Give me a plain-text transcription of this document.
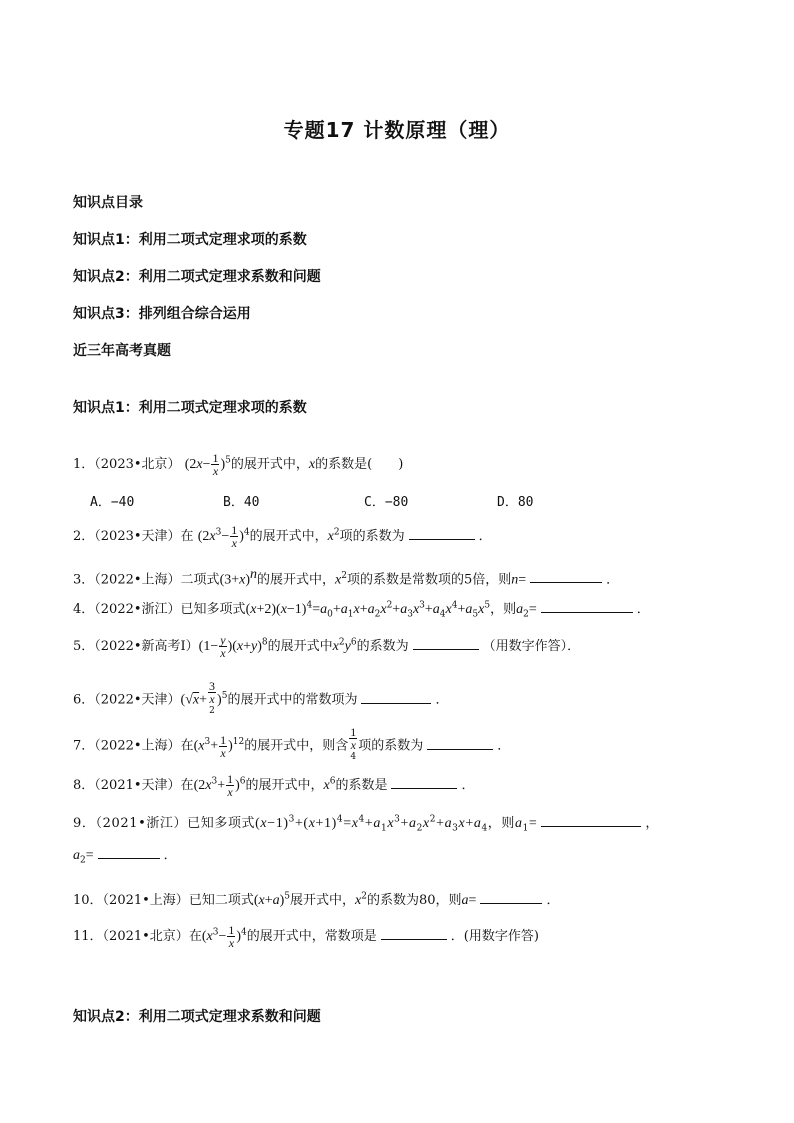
专题17 计数原理（理）
知识点目录
知识点1：利用二项式定理求项的系数
知识点2：利用二项式定理求系数和问题
知识点3：排列组合综合运用
近三年高考真题
知识点1：利用二项式定理求项的系数
1．（2023•北京） $(2x- \frac{1}{x} )^5$的展开式中，x的系数是(　　)
A．−40	B．40	C．−80	D．80
2．（2023•天津）在 $(2x^3- \frac{1}{x} )^4$的展开式中，$x^2$项的系数为	．
3．（2022•上海）二项式$(3+x)^n$的展开式中，$x^2$项的系数是常数项的5倍，则n=	．
4．（2022•浙江）已知多项式$(x+2)(x-1)^4=a_0+a_1x+a_2x^2+a_3x^3+a_4x^4+a_5x^5$，则$a_2=$	．
5．（2022•新高考Ⅰ）(1− $\frac{y}{x} )(x+y)^8$的展开式中$x^2y^6$的系数为	（用数字作答）．
6．（2022•天津）(√x+ 3
x
$^2$ )$^5$的展开式中的常数项为	．
7．（2022•上海）在$(x^3+ \frac{1}{x} )^{12}$的展开式中，则含 1
x
$^4$ 项的系数为	．
8．（2021•天津）在$(2x^3+ \frac{1}{x} )^6$的展开式中，$x^6$的系数是	．
9．（2021•浙江）已知多项式$(x-1)^3+(x+1)^4=x^4+a_1x^3+a_2x^2+a_3x+a_4$，则$a_1=$	，
$a_2=$	．
10．（2021•上海）已知二项式$(x+a)^5$展开式中，$x^2$的系数为80，则a=	．
11．（2021•北京）在$(x^3- \frac{1}{x} )^4$的展开式中，常数项是	．(用数字作答)
知识点2：利用二项式定理求系数和问题
